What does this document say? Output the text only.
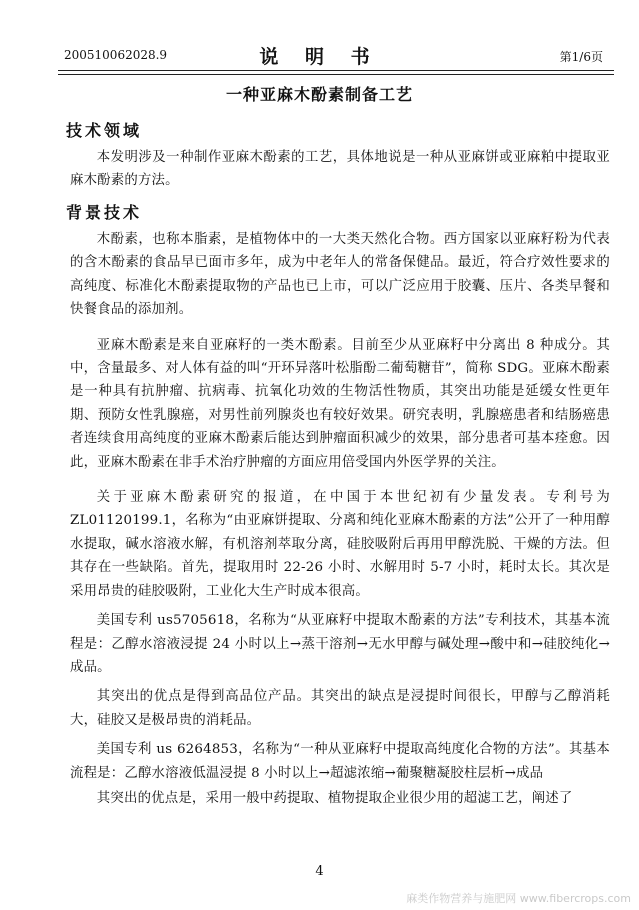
200510062028.9	说 明 书	第1/6页
一种亚麻木酚素制备工艺
技术领域

本发明涉及一种制作亚麻木酚素的工艺，具体地说是一种从亚麻饼或亚麻粕中提取亚麻木酚素的方法。

背景技术

木酚素，也称本脂素，是植物体中的一大类天然化合物。西方国家以亚麻籽粉为代表的含木酚素的食品早已面市多年，成为中老年人的常备保健品。最近，符合疗效性要求的高纯度、标准化木酚素提取物的产品也已上市，可以广泛应用于胶囊、压片、各类早餐和快餐食品的添加剂。

亚麻木酚素是来自亚麻籽的一类木酚素。目前至少从亚麻籽中分离出 8 种成分。其中，含量最多、对人体有益的叫“开环异落叶松脂酚二葡萄糖苷”，简称 SDG。亚麻木酚素是一种具有抗肿瘤、抗病毒、抗氧化功效的生物活性物质，其突出功能是延缓女性更年期、预防女性乳腺癌，对男性前列腺炎也有较好效果。研究表明，乳腺癌患者和结肠癌患者连续食用高纯度的亚麻木酚素后能达到肿瘤面积减少的效果，部分患者可基本痊愈。因此，亚麻木酚素在非手术治疗肿瘤的方面应用倍受国内外医学界的关注。

关于亚麻木酚素研究的报道，在中国于本世纪初有少量发表。专利号为ZL01120199.1，名称为“由亚麻饼提取、分离和纯化亚麻木酚素的方法”公开了一种用醇水提取，碱水溶液水解，有机溶剂萃取分离，硅胶吸附后再用甲醇洗脱、干燥的方法。但其存在一些缺陷。首先，提取用时 22-26 小时、水解用时 5-7 小时，耗时太长。其次是采用昂贵的硅胶吸附，工业化大生产时成本很高。

美国专利 us5705618，名称为“从亚麻籽中提取木酚素的方法”专利技术，其基本流程是：乙醇水溶液浸提 24 小时以上→蒸干溶剂→无水甲醇与碱处理→酸中和→硅胶纯化→成品。

其突出的优点是得到高品位产品。其突出的缺点是浸提时间很长，甲醇与乙醇消耗大，硅胶又是极昂贵的消耗品。

美国专利 us 6264853，名称为“一种从亚麻籽中提取高纯度化合物的方法”。其基本流程是：乙醇水溶液低温浸提 8 小时以上→超滤浓缩→葡聚糖凝胶柱层析→成品

其突出的优点是，采用一般中药提取、植物提取企业很少用的超滤工艺，阐述了

4
麻类作物营养与施肥网 www.fibercrops.com
